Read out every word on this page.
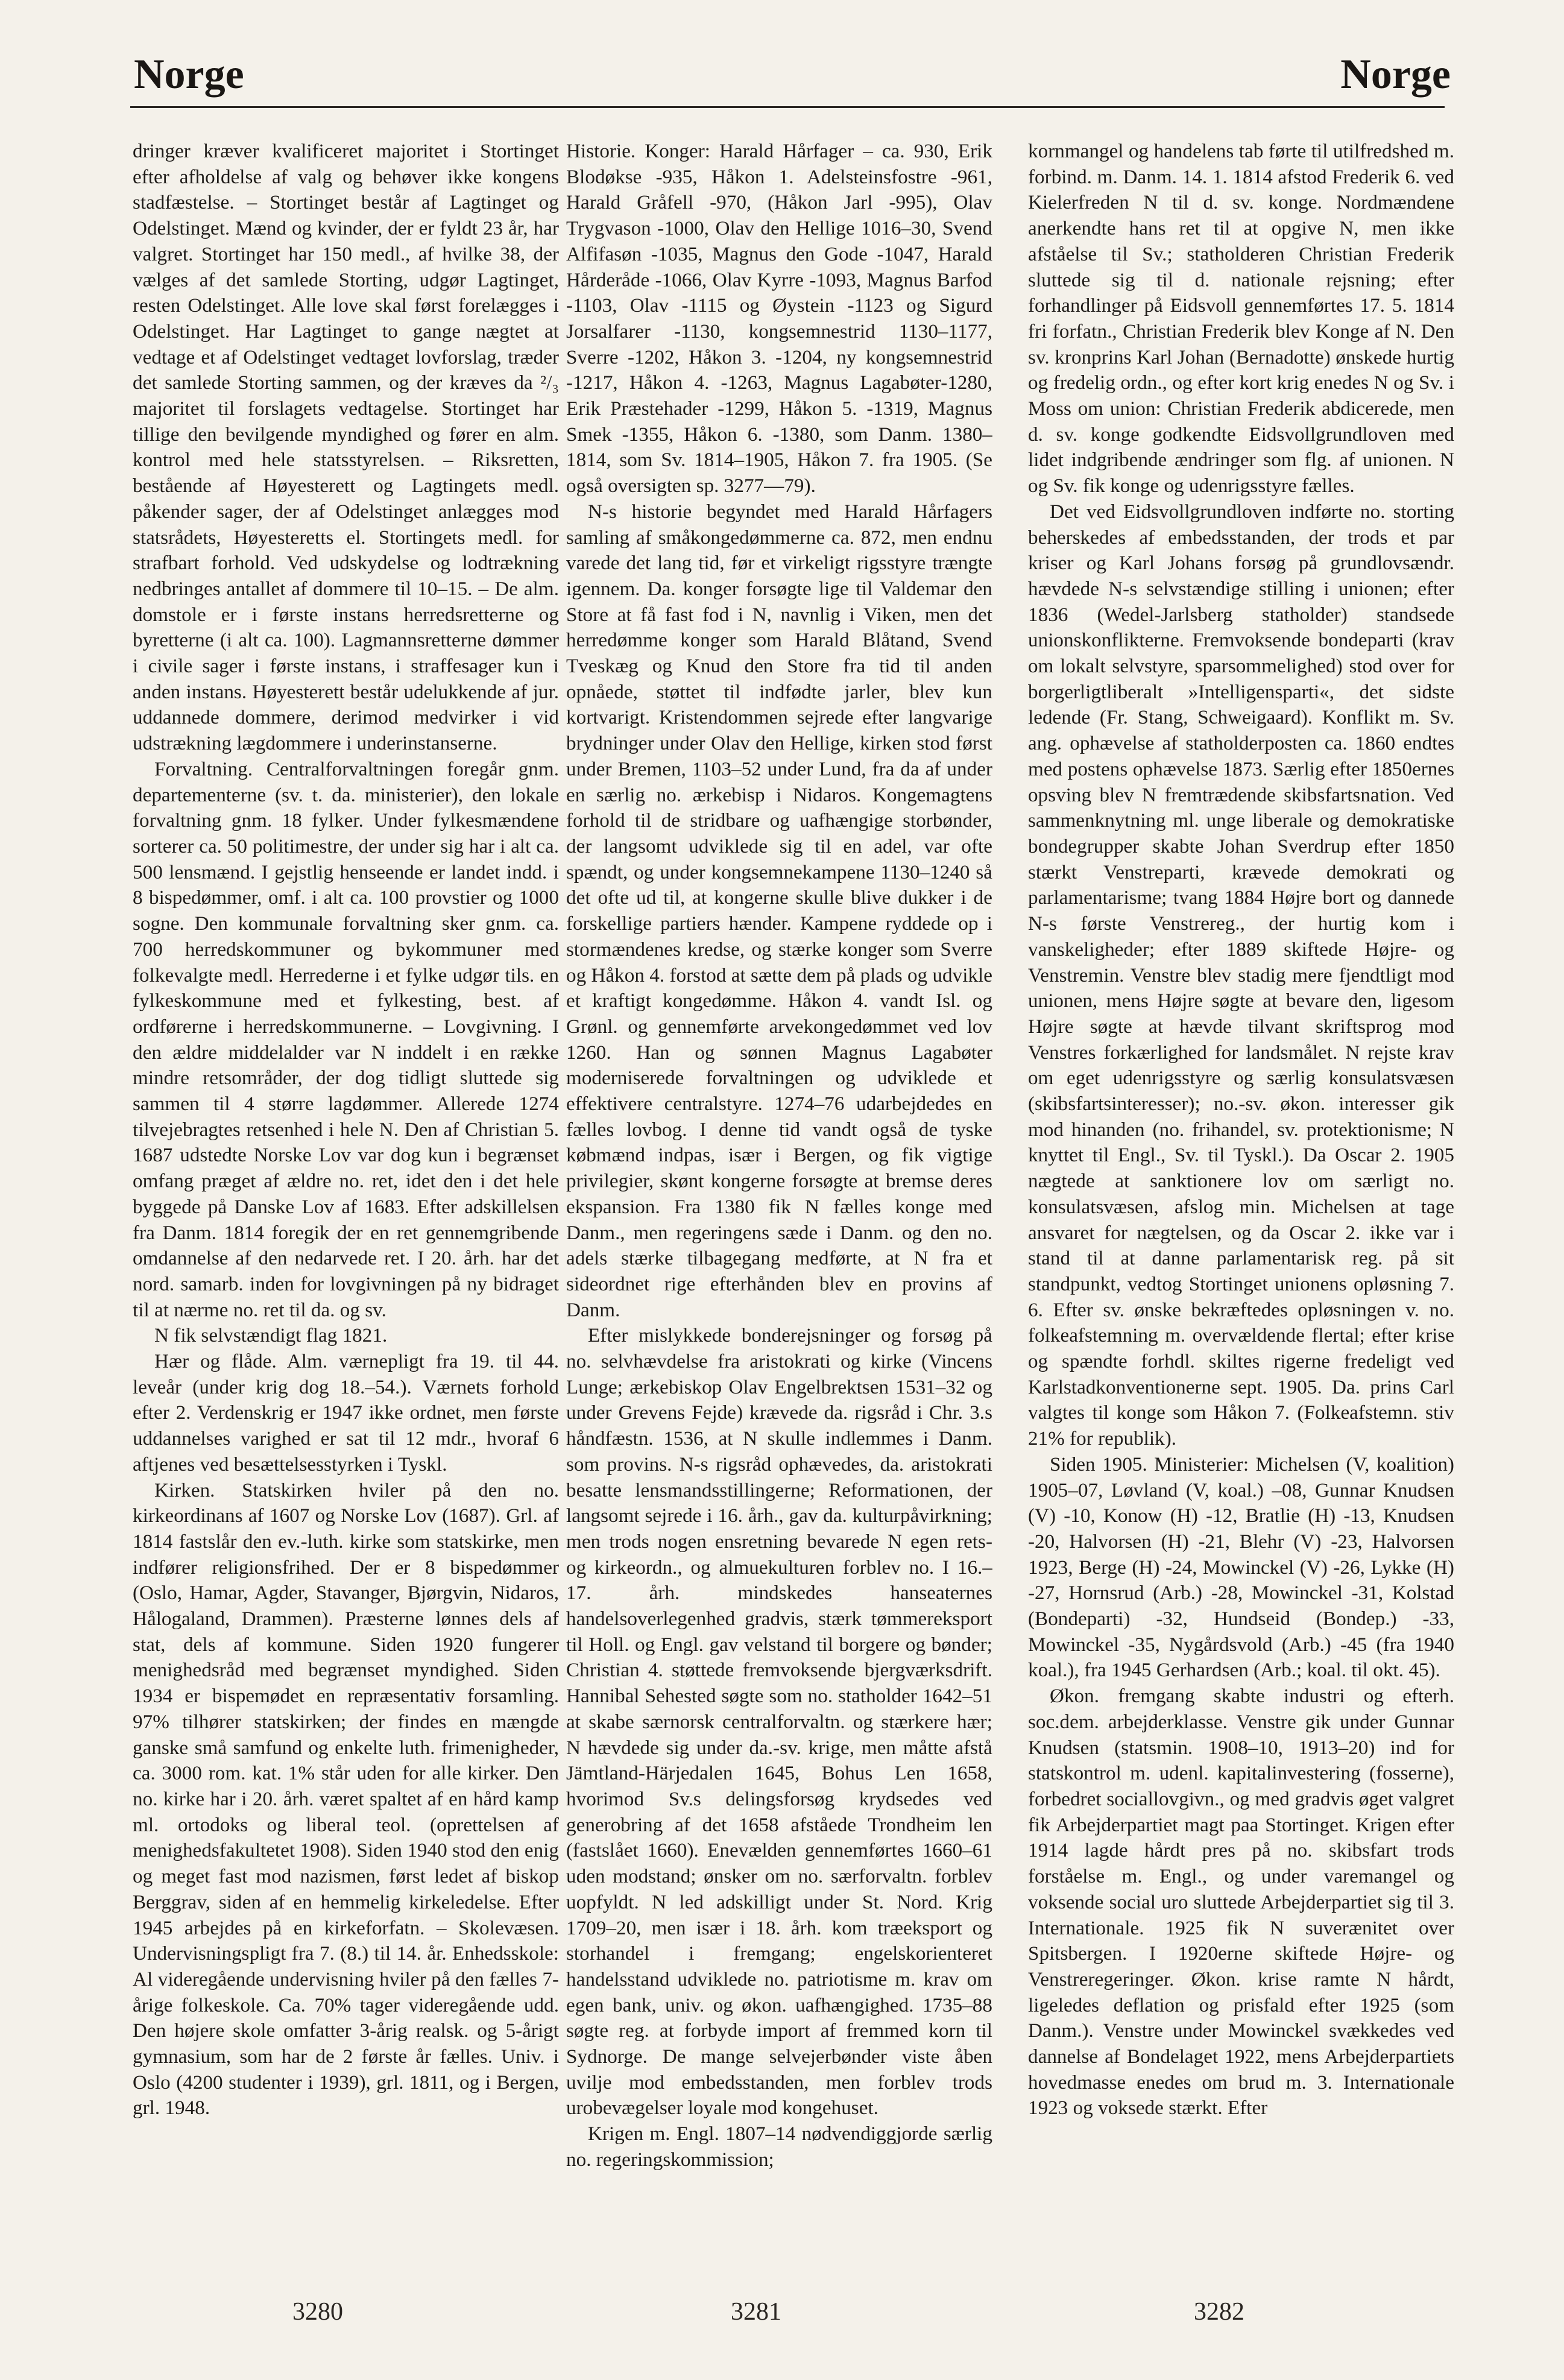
Norge	Norge

dringer kræver kvalificeret majoritet i Stortinget efter afholdelse af valg og behøver ikke kongens stadfæstelse. – Stortinget består af Lagtinget og Odelstinget. Mænd og kvinder, der er fyldt 23 år, har valgret. Stortinget har 150 medl., af hvilke 38, der vælges af det samlede Storting, udgør Lagtinget, resten Odelstinget. Alle love skal først forelægges i Odelstinget. Har Lagtinget to gange nægtet at vedtage et af Odelstinget vedtaget lovforslag, træder det samlede Storting sammen, og der kræves da ²/₃ majoritet til forslagets vedtagelse. Stortinget har tillige den bevilgende myndighed og fører en alm. kontrol med hele statsstyrelsen. – Riksretten, bestående af Høyesterett og Lagtingets medl. påkender sager, der af Odelstinget anlægges mod statsrådets, Høyesteretts el. Stortingets medl. for strafbart forhold. Ved udskydelse og lodtrækning nedbringes antallet af dommere til 10–15. – De alm. domstole er i første instans herredsretterne og byretterne (i alt ca. 100). Lagmannsretterne dømmer i civile sager i første instans, i straffesager kun i anden instans. Høyesterett består udelukkende af jur. uddannede dommere, derimod medvirker i vid udstrækning lægdommere i underinstanserne.

Forvaltning. Centralforvaltningen foregår gnm. departementerne (sv. t. da. ministerier), den lokale forvaltning gnm. 18 fylker. Under fylkesmændene sorterer ca. 50 politimestre, der under sig har i alt ca. 500 lensmænd. I gejstlig henseende er landet indd. i 8 bispedømmer, omf. i alt ca. 100 provstier og 1000 sogne. Den kommunale forvaltning sker gnm. ca. 700 herredskommuner og bykommuner med folkevalgte medl. Herrederne i et fylke udgør tils. en fylkeskommune med et fylkesting, best. af ordførerne i herredskommunerne. – Lovgivning. I den ældre middelalder var N inddelt i en række mindre retsområder, der dog tidligt sluttede sig sammen til 4 større lagdømmer. Allerede 1274 tilvejebragtes retsenhed i hele N. Den af Christian 5. 1687 udstedte Norske Lov var dog kun i begrænset omfang præget af ældre no. ret, idet den i det hele byggede på Danske Lov af 1683. Efter adskillelsen fra Danm. 1814 foregik der en ret gennemgribende omdannelse af den nedarvede ret. I 20. årh. har det nord. samarb. inden for lovgivningen på ny bidraget til at nærme no. ret til da. og sv.

N fik selvstændigt flag 1821.

Hær og flåde. Alm. værnepligt fra 19. til 44. leveår (under krig dog 18.–54.). Værnets forhold efter 2. Verdenskrig er 1947 ikke ordnet, men første uddannelses varighed er sat til 12 mdr., hvoraf 6 aftjenes ved besættelsesstyrken i Tyskl.

Kirken. Statskirken hviler på den no. kirkeordinans af 1607 og Norske Lov (1687). Grl. af 1814 fastslår den ev.-luth. kirke som statskirke, men indfører religionsfrihed. Der er 8 bispedømmer (Oslo, Hamar, Agder, Stavanger, Bjørgvin, Nidaros, Hålogaland, Drammen). Præsterne lønnes dels af stat, dels af kommune. Siden 1920 fungerer menighedsråd med begrænset myndighed. Siden 1934 er bispemødet en repræsentativ forsamling. 97% tilhører statskirken; der findes en mængde ganske små samfund og enkelte luth. frimenigheder, ca. 3000 rom. kat. 1% står uden for alle kirker. Den no. kirke har i 20. årh. været spaltet af en hård kamp ml. ortodoks og liberal teol. (oprettelsen af menighedsfakultetet 1908). Siden 1940 stod den enig og meget fast mod nazismen, først ledet af biskop Berggrav, siden af en hemmelig kirkeledelse. Efter 1945 arbejdes på en kirkeforfatn. – Skolevæsen. Undervisningspligt fra 7. (8.) til 14. år. Enhedsskole: Al videregående undervisning hviler på den fælles 7-årige folkeskole. Ca. 70% tager videregående udd. Den højere skole omfatter 3-årig realsk. og 5-årigt gymnasium, som har de 2 første år fælles. Univ. i Oslo (4200 studenter i 1939), grl. 1811, og i Bergen, grl. 1948.

Historie. Konger: Harald Hårfager – ca. 930, Erik Blodøkse -935, Håkon 1. Adelsteinsfostre -961, Harald Gråfell -970, (Håkon Jarl -995), Olav Trygvason -1000, Olav den Hellige 1016–30, Svend Alfifasøn -1035, Magnus den Gode -1047, Harald Hårderåde -1066, Olav Kyrre -1093, Magnus Barfod -1103, Olav -1115 og Øystein -1123 og Sigurd Jorsalfarer -1130, kongsemnestrid 1130–1177, Sverre -1202, Håkon 3. -1204, ny kongsemnestrid -1217, Håkon 4. -1263, Magnus Lagabøter-1280, Erik Præstehader -1299, Håkon 5. -1319, Magnus Smek -1355, Håkon 6. -1380, som Danm. 1380–1814, som Sv. 1814–1905, Håkon 7. fra 1905. (Se også oversigten sp. 3277—79).

N-s historie begyndet med Harald Hårfagers samling af småkongedømmerne ca. 872, men endnu varede det lang tid, før et virkeligt rigsstyre trængte igennem. Da. konger forsøgte lige til Valdemar den Store at få fast fod i N, navnlig i Viken, men det herredømme konger som Harald Blåtand, Svend Tveskæg og Knud den Store fra tid til anden opnåede, støttet til indfødte jarler, blev kun kortvarigt. Kristendommen sejrede efter langvarige brydninger under Olav den Hellige, kirken stod først under Bremen, 1103–52 under Lund, fra da af under en særlig no. ærkebisp i Nidaros. Kongemagtens forhold til de stridbare og uafhængige storbønder, der langsomt udviklede sig til en adel, var ofte spændt, og under kongsemnekampene 1130–1240 så det ofte ud til, at kongerne skulle blive dukker i de forskellige partiers hænder. Kampene ryddede op i stormændenes kredse, og stærke konger som Sverre og Håkon 4. forstod at sætte dem på plads og udvikle et kraftigt kongedømme. Håkon 4. vandt Isl. og Grønl. og gennemførte arvekongedømmet ved lov 1260. Han og sønnen Magnus Lagabøter moderniserede forvaltningen og udviklede et effektivere centralstyre. 1274–76 udarbejdedes en fælles lovbog. I denne tid vandt også de tyske købmænd indpas, især i Bergen, og fik vigtige privilegier, skønt kongerne forsøgte at bremse deres ekspansion. Fra 1380 fik N fælles konge med Danm., men regeringens sæde i Danm. og den no. adels stærke tilbagegang medførte, at N fra et sideordnet rige efterhånden blev en provins af Danm.

Efter mislykkede bonderejsninger og forsøg på no. selvhævdelse fra aristokrati og kirke (Vincens Lunge; ærkebiskop Olav Engelbrektsen 1531–32 og under Grevens Fejde) krævede da. rigsråd i Chr. 3.s håndfæstn. 1536, at N skulle indlemmes i Danm. som provins. N-s rigsråd ophævedes, da. aristokrati besatte lensmandsstillingerne; Reformationen, der langsomt sejrede i 16. årh., gav da. kulturpåvirkning; men trods nogen ensretning bevarede N egen rets- og kirkeordn., og almuekulturen forblev no. I 16.–17. årh. mindskedes hanseaternes handelsoverlegenhed gradvis, stærk tømmereksport til Holl. og Engl. gav velstand til borgere og bønder; Christian 4. støttede fremvoksende bjergværksdrift. Hannibal Sehested søgte som no. statholder 1642–51 at skabe særnorsk centralforvaltn. og stærkere hær; N hævdede sig under da.-sv. krige, men måtte afstå Jämtland-Härjedalen 1645, Bohus Len 1658, hvorimod Sv.s delingsforsøg krydsedes ved generobring af det 1658 afståede Trondheim len (fastslået 1660). Enevælden gennemførtes 1660–61 uden modstand; ønsker om no. særforvaltn. forblev uopfyldt. N led adskilligt under St. Nord. Krig 1709–20, men især i 18. årh. kom træeksport og storhandel i fremgang; engelskorienteret handelsstand udviklede no. patriotisme m. krav om egen bank, univ. og økon. uafhængighed. 1735–88 søgte reg. at forbyde import af fremmed korn til Sydnorge. De mange selvejerbønder viste åben uvilje mod embedsstanden, men forblev trods urobevægelser loyale mod kongehuset.

Krigen m. Engl. 1807–14 nødvendiggjorde særlig no. regeringskommission;

kornmangel og handelens tab førte til utilfredshed m. forbind. m. Danm. 14. 1. 1814 afstod Frederik 6. ved Kielerfreden N til d. sv. konge. Nordmændene anerkendte hans ret til at opgive N, men ikke afståelse til Sv.; statholderen Christian Frederik sluttede sig til d. nationale rejsning; efter forhandlinger på Eidsvoll gennemførtes 17. 5. 1814 fri forfatn., Christian Frederik blev Konge af N. Den sv. kronprins Karl Johan (Bernadotte) ønskede hurtig og fredelig ordn., og efter kort krig enedes N og Sv. i Moss om union: Christian Frederik abdicerede, men d. sv. konge godkendte Eidsvollgrundloven med lidet indgribende ændringer som flg. af unionen. N og Sv. fik konge og udenrigsstyre fælles.

Det ved Eidsvollgrundloven indførte no. storting beherskedes af embedsstanden, der trods et par kriser og Karl Johans forsøg på grundlovsændr. hævdede N-s selvstændige stilling i unionen; efter 1836 (Wedel-Jarlsberg statholder) standsede unionskonflikterne. Fremvoksende bondeparti (krav om lokalt selvstyre, sparsommelighed) stod over for borgerligtliberalt »Intelligensparti«, det sidste ledende (Fr. Stang, Schweigaard). Konflikt m. Sv. ang. ophævelse af statholderposten ca. 1860 endtes med postens ophævelse 1873. Særlig efter 1850ernes opsving blev N fremtrædende skibsfartsnation. Ved sammenknytning ml. unge liberale og demokratiske bondegrupper skabte Johan Sverdrup efter 1850 stærkt Venstreparti, krævede demokrati og parlamentarisme; tvang 1884 Højre bort og dannede N-s første Venstrereg., der hurtig kom i vanskeligheder; efter 1889 skiftede Højre- og Venstremin. Venstre blev stadig mere fjendtligt mod unionen, mens Højre søgte at bevare den, ligesom Højre søgte at hævde tilvant skriftsprog mod Venstres forkærlighed for landsmålet. N rejste krav om eget udenrigsstyre og særlig konsulatsvæsen (skibsfartsinteresser); no.-sv. økon. interesser gik mod hinanden (no. frihandel, sv. protektionisme; N knyttet til Engl., Sv. til Tyskl.). Da Oscar 2. 1905 nægtede at sanktionere lov om særligt no. konsulatsvæsen, afslog min. Michelsen at tage ansvaret for nægtelsen, og da Oscar 2. ikke var i stand til at danne parlamentarisk reg. på sit standpunkt, vedtog Stortinget unionens opløsning 7. 6. Efter sv. ønske bekræftedes opløsningen v. no. folkeafstemning m. overvældende flertal; efter krise og spændte forhdl. skiltes rigerne fredeligt ved Karlstadkonventionerne sept. 1905. Da. prins Carl valgtes til konge som Håkon 7. (Folkeafstemn. stiv 21% for republik).

Siden 1905. Ministerier: Michelsen (V, koalition) 1905–07, Løvland (V, koal.) –08, Gunnar Knudsen (V) -10, Konow (H) -12, Bratlie (H) -13, Knudsen -20, Halvorsen (H) -21, Blehr (V) -23, Halvorsen 1923, Berge (H) -24, Mowinckel (V) -26, Lykke (H) -27, Hornsrud (Arb.) -28, Mowinckel -31, Kolstad (Bondeparti) -32, Hundseid (Bondep.) -33, Mowinckel -35, Nygårdsvold (Arb.) -45 (fra 1940 koal.), fra 1945 Gerhardsen (Arb.; koal. til okt. 45).

Økon. fremgang skabte industri og efterh. soc.dem. arbejderklasse. Venstre gik under Gunnar Knudsen (statsmin. 1908–10, 1913–20) ind for statskontrol m. udenl. kapitalinvestering (fosserne), forbedret sociallovgivn., og med gradvis øget valgret fik Arbejderpartiet magt paa Stortinget. Krigen efter 1914 lagde hårdt pres på no. skibsfart trods forståelse m. Engl., og under varemangel og voksende social uro sluttede Arbejderpartiet sig til 3. Internationale. 1925 fik N suverænitet over Spitsbergen. I 1920erne skiftede Højre- og Venstreregeringer. Økon. krise ramte N hårdt, ligeledes deflation og prisfald efter 1925 (som Danm.). Venstre under Mowinckel svækkedes ved dannelse af Bondelaget 1922, mens Arbejderpartiets hovedmasse enedes om brud m. 3. Internationale 1923 og voksede stærkt. Efter

3280	3281	3282
